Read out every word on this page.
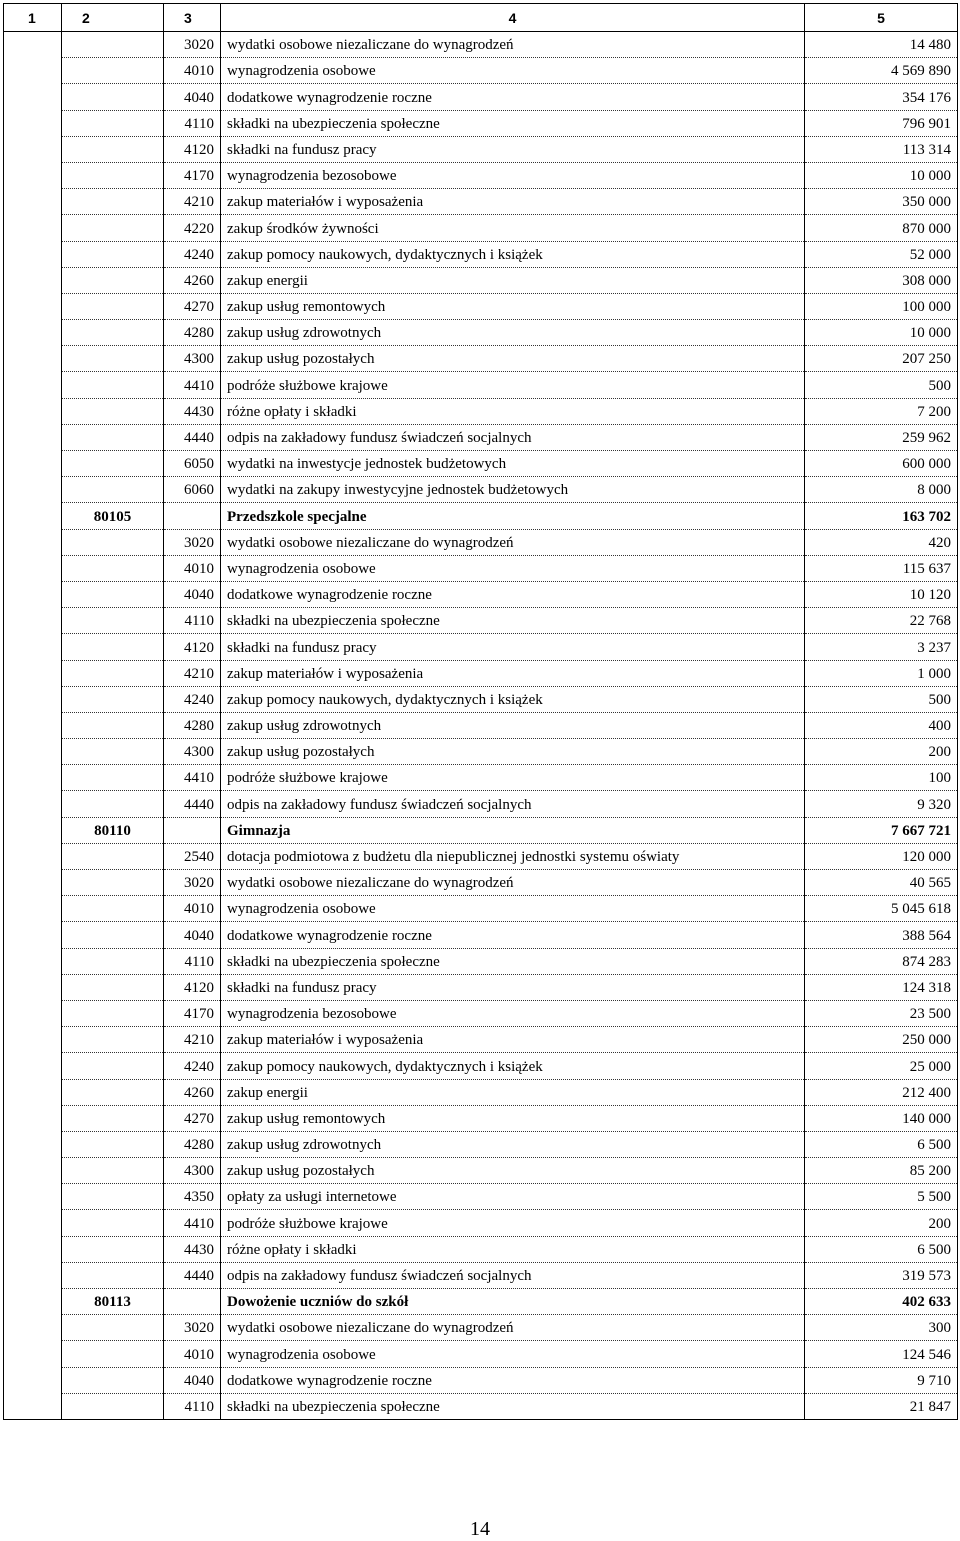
1	2	3	4	5
		3020	wydatki osobowe niezaliczane do wynagrodzeń	14 480
		4010	wynagrodzenia osobowe	4 569 890
		4040	dodatkowe wynagrodzenie roczne	354 176
		4110	składki na ubezpieczenia społeczne	796 901
		4120	składki na fundusz pracy	113 314
		4170	wynagrodzenia bezosobowe	10 000
		4210	zakup materiałów i wyposażenia	350 000
		4220	zakup środków żywności	870 000
		4240	zakup pomocy naukowych, dydaktycznych i książek	52 000
		4260	zakup energii	308 000
		4270	zakup usług remontowych	100 000
		4280	zakup usług zdrowotnych	10 000
		4300	zakup usług pozostałych	207 250
		4410	podróże służbowe krajowe	500
		4430	różne opłaty i składki	7 200
		4440	odpis na zakładowy fundusz świadczeń socjalnych	259 962
		6050	wydatki na inwestycje jednostek budżetowych	600 000
		6060	wydatki na zakupy inwestycyjne jednostek budżetowych	8 000
	80105		Przedszkole specjalne	163 702
		3020	wydatki osobowe niezaliczane do wynagrodzeń	420
		4010	wynagrodzenia osobowe	115 637
		4040	dodatkowe wynagrodzenie roczne	10 120
		4110	składki na ubezpieczenia społeczne	22 768
		4120	składki na fundusz pracy	3 237
		4210	zakup materiałów i wyposażenia	1 000
		4240	zakup pomocy naukowych, dydaktycznych i książek	500
		4280	zakup usług zdrowotnych	400
		4300	zakup usług pozostałych	200
		4410	podróże służbowe krajowe	100
		4440	odpis na zakładowy fundusz świadczeń socjalnych	9 320
	80110		Gimnazja	7 667 721
		2540	dotacja podmiotowa z budżetu dla niepublicznej jednostki systemu oświaty	120 000
		3020	wydatki osobowe niezaliczane do wynagrodzeń	40 565
		4010	wynagrodzenia osobowe	5 045 618
		4040	dodatkowe wynagrodzenie roczne	388 564
		4110	składki na ubezpieczenia społeczne	874 283
		4120	składki na fundusz pracy	124 318
		4170	wynagrodzenia bezosobowe	23 500
		4210	zakup materiałów i wyposażenia	250 000
		4240	zakup pomocy naukowych, dydaktycznych i książek	25 000
		4260	zakup energii	212 400
		4270	zakup usług remontowych	140 000
		4280	zakup usług zdrowotnych	6 500
		4300	zakup usług pozostałych	85 200
		4350	opłaty za usługi internetowe	5 500
		4410	podróże służbowe krajowe	200
		4430	różne opłaty i składki	6 500
		4440	odpis na zakładowy fundusz świadczeń socjalnych	319 573
	80113		Dowożenie uczniów do szkół	402 633
		3020	wydatki osobowe niezaliczane do wynagrodzeń	300
		4010	wynagrodzenia osobowe	124 546
		4040	dodatkowe wynagrodzenie roczne	9 710
		4110	składki na ubezpieczenia społeczne	21 847
14
